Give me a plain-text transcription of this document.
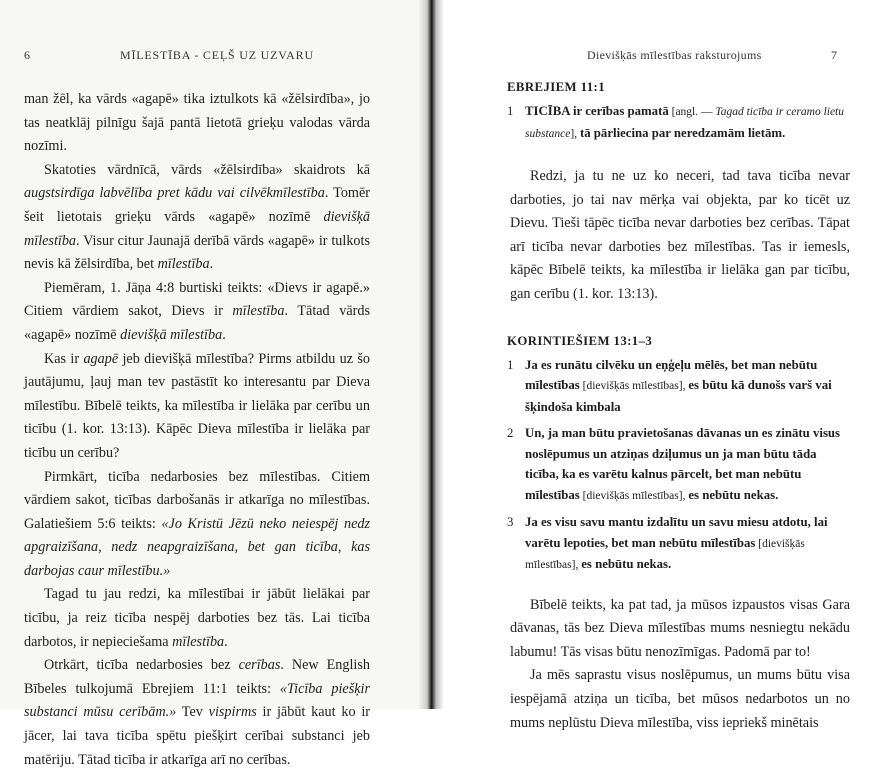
6	MĪLESTĪBA - CEĻŠ UZ UZVARU

man žēl, ka vārds «agapē» tika iztulkots kā «žēlsirdība», jo tas neatklāj pilnīgu šajā pantā lietotā grieķu valodas vārda nozīmi.

Skatoties vārdnīcā, vārds «žēlsirdība» skaidrots kā augstsirdīga labvēlība pret kādu vai cilvēkmīlestība. Tomēr šeit lietotais grieķu vārds «agapē» nozīmē dievišķā mīlestība. Visur citur Jaunajā derībā vārds «agapē» ir tulkots nevis kā žēlsirdība, bet mīlestība.

Piemēram, 1. Jāņa 4:8 burtiski teikts: «Dievs ir agapē.» Citiem vārdiem sakot, Dievs ir mīlestība. Tātad vārds «agapē» nozīmē dievišķā mīlestība.

Kas ir agapē jeb dievišķā mīlestība? Pirms atbildu uz šo jautājumu, ļauj man tev pastāstīt ko interesantu par Dieva mīlestību. Bībelē teikts, ka mīlestība ir lielāka par cerību un ticību (1. kor. 13:13). Kāpēc Dieva mīlestība ir lielāka par ticību un cerību?

Pirmkārt, ticība nedarbosies bez mīlestības. Citiem vārdiem sakot, ticības darbošanās ir atkarīga no mīlestības. Galatiešiem 5:6 teikts: «Jo Kristū Jēzū neko neiespēj nedz apgraizīšana, nedz neapgraizīšana, bet gan ticība, kas darbojas caur mīlestību.»

Tagad tu jau redzi, ka mīlestībai ir jābūt lielākai par ticību, ja reiz ticība nespēj darboties bez tās. Lai ticība darbotos, ir nepieciešama mīlestība.

Otrkārt, ticība nedarbosies bez cerības. New English Bībeles tulkojumā Ebrejiem 11:1 teikts: «Ticība piešķir substanci mūsu cerībām.» Tev vispirms ir jābūt kaut ko ir jācer, lai tava ticība spētu piešķirt cerībai substanci jeb matēriju. Tātad ticība ir atkarīga arī no cerības.

Dievišķās mīlestības raksturojums	7

EBREJIEM 11:1

1 TICĪBA ir cerības pamatā [angl. — Tagad ticība ir ceramo lietu substance], tā pārliecina par neredzamām lietām.

Redzi, ja tu ne uz ko neceri, tad tava ticība nevar darboties, jo tai nav mērķa vai objekta, par ko ticēt uz Dievu. Tieši tāpēc ticība nevar darboties bez cerības. Tāpat arī ticība nevar darboties bez mīlestības. Tas ir iemesls, kāpēc Bībelē teikts, ka mīlestība ir lielāka gan par ticību, gan cerību (1. kor. 13:13).

KORINTIEŠIEM 13:1–3

1 Ja es runātu cilvēku un eņģeļu mēlēs, bet man nebūtu mīlestības [dievišķās mīlestības], es būtu kā dunošs varš vai šķindoša kimbala

2 Un, ja man būtu pravietošanas dāvanas un es zinātu visus noslēpumus un atziņas dziļumus un ja man būtu tāda ticība, ka es varētu kalnus pārcelt, bet man nebūtu mīlestības [dievišķās mīlestības], es nebūtu nekas.

3 Ja es visu savu mantu izdalītu un savu miesu atdotu, lai varētu lepoties, bet man nebūtu mīlestības [dievišķās mīlestības], es nebūtu nekas.

Bībelē teikts, ka pat tad, ja mūsos izpaustos visas Gara dāvanas, tās bez Dieva mīlestības mums nesniegtu nekādu labumu! Tās visas būtu nenozīmīgas. Padomā par to!

Ja mēs saprastu visus noslēpumus, un mums būtu visa iespējamā atziņa un ticība, bet mūsos nedarbotos un no mums neplūstu Dieva mīlestība, viss iepriekš minētais
